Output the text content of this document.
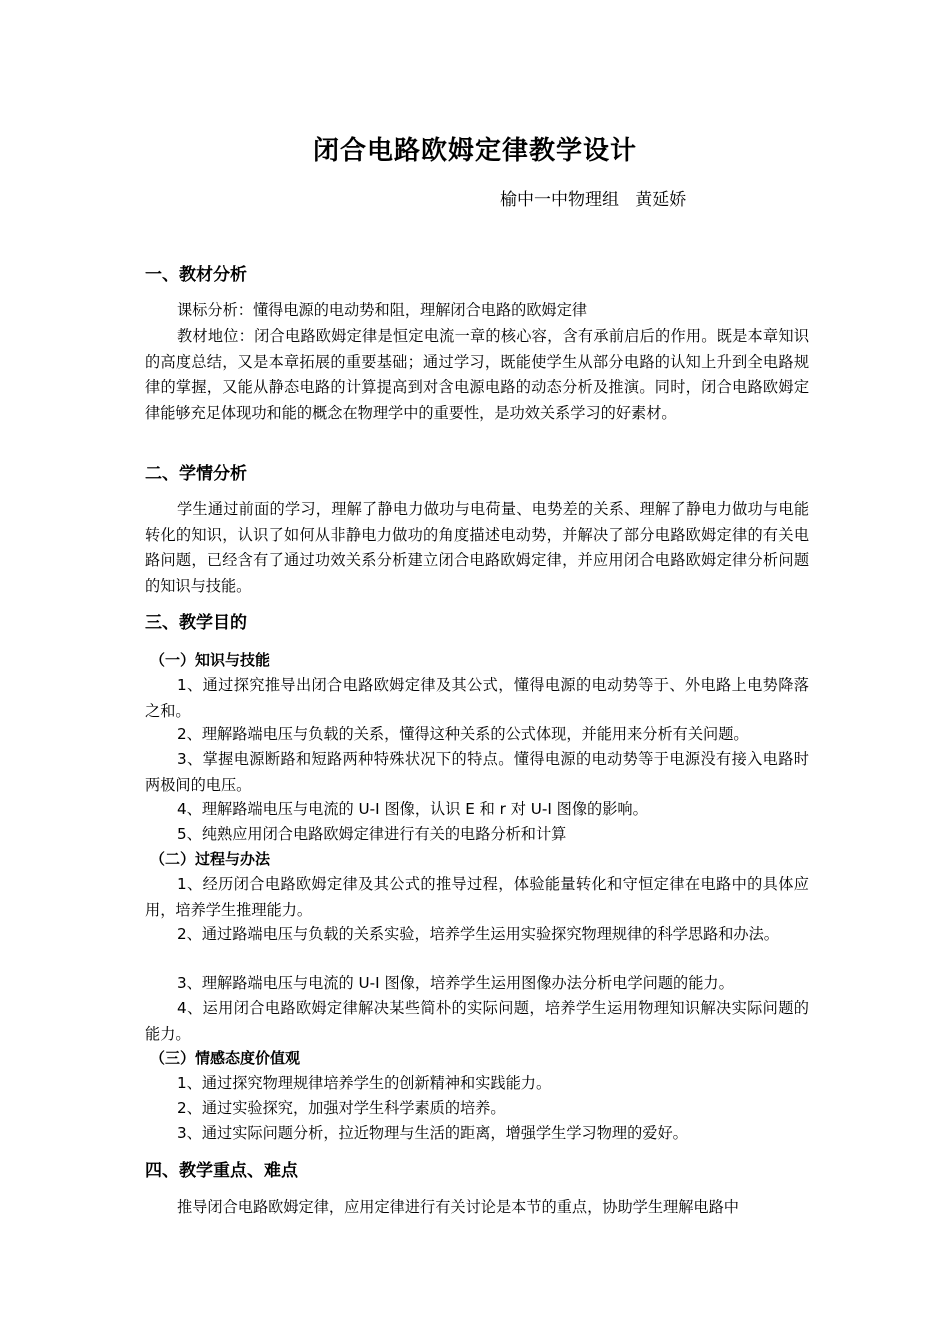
闭合电路欧姆定律教学设计
榆中一中物理组   黄延娇
一、教材分析
课标分析：懂得电源的电动势和阻，理解闭合电路的欧姆定律
教材地位：闭合电路欧姆定律是恒定电流一章的核心容，含有承前启后的作用。既是本章知识的高度总结，又是本章拓展的重要基础；通过学习，既能使学生从部分电路的认知上升到全电路规律的掌握，又能从静态电路的计算提高到对含电源电路的动态分析及推演。同时，闭合电路欧姆定律能够充足体现功和能的概念在物理学中的重要性，是功效关系学习的好素材。
二、学情分析
学生通过前面的学习，理解了静电力做功与电荷量、电势差的关系、理解了静电力做功与电能转化的知识，认识了如何从非静电力做功的角度描述电动势，并解决了部分电路欧姆定律的有关电路问题，已经含有了通过功效关系分析建立闭合电路欧姆定律，并应用闭合电路欧姆定律分析问题的知识与技能。
三、教学目的
（一）知识与技能
1、通过探究推导出闭合电路欧姆定律及其公式，懂得电源的电动势等于、外电路上电势降落之和。
2、理解路端电压与负载的关系，懂得这种关系的公式体现，并能用来分析有关问题。
3、掌握电源断路和短路两种特殊状况下的特点。懂得电源的电动势等于电源没有接入电路时两极间的电压。
4、理解路端电压与电流的 U-I 图像，认识 E 和 r 对 U-I 图像的影响。
5、纯熟应用闭合电路欧姆定律进行有关的电路分析和计算
（二）过程与办法
1、经历闭合电路欧姆定律及其公式的推导过程，体验能量转化和守恒定律在电路中的具体应用，培养学生推理能力。
2、通过路端电压与负载的关系实验，培养学生运用实验探究物理规律的科学思路和办法。
3、理解路端电压与电流的 U-I 图像，培养学生运用图像办法分析电学问题的能力。
4、运用闭合电路欧姆定律解决某些简朴的实际问题，培养学生运用物理知识解决实际问题的能力。
（三）情感态度价值观
1、通过探究物理规律培养学生的创新精神和实践能力。
2、通过实验探究，加强对学生科学素质的培养。
3、通过实际问题分析，拉近物理与生活的距离，增强学生学习物理的爱好。
四、教学重点、难点
推导闭合电路欧姆定律，应用定律进行有关讨论是本节的重点，协助学生理解电路中
